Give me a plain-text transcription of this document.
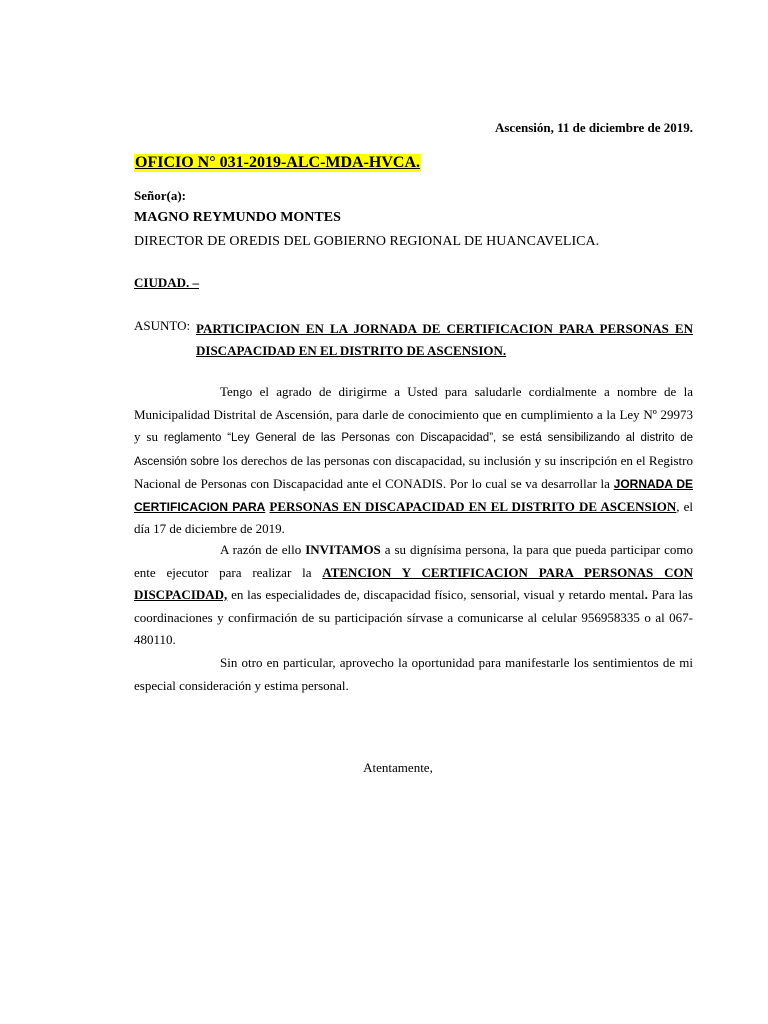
Ascensión, 11 de diciembre de 2019.
OFICIO N° 031-2019-ALC-MDA-HVCA.
Señor(a):
MAGNO REYMUNDO MONTES
DIRECTOR DE OREDIS DEL GOBIERNO REGIONAL DE HUANCAVELICA.
CIUDAD. –
ASUNTO: PARTICIPACION EN LA JORNADA DE CERTIFICACION PARA PERSONAS EN DISCAPACIDAD EN EL DISTRITO DE ASCENSION.
Tengo el agrado de dirigirme a Usted para saludarle cordialmente a nombre de la Municipalidad Distrital de Ascensión, para darle de conocimiento que en cumplimiento a la Ley Nº 29973 y su reglamento “Ley General de las Personas con Discapacidad”, se está sensibilizando al distrito de Ascensión sobre los derechos de las personas con discapacidad, su inclusión y su inscripción en el Registro Nacional de Personas con Discapacidad ante el CONADIS. Por lo cual se va desarrollar la JORNADA DE CERTIFICACION PARA PERSONAS EN DISCAPACIDAD EN EL DISTRITO DE ASCENSION, el día 17 de diciembre de 2019.
A razón de ello INVITAMOS a su dignísima persona, la para que pueda participar como ente ejecutor para realizar la ATENCION Y CERTIFICACION PARA PERSONAS CON DISCPACIDAD, en las especialidades de, discapacidad físico, sensorial, visual y retardo mental. Para las coordinaciones y confirmación de su participación sírvase a comunicarse al celular 956958335 o al 067-480110.
Sin otro en particular, aprovecho la oportunidad para manifestarle los sentimientos de mi especial consideración y estima personal.
Atentamente,
